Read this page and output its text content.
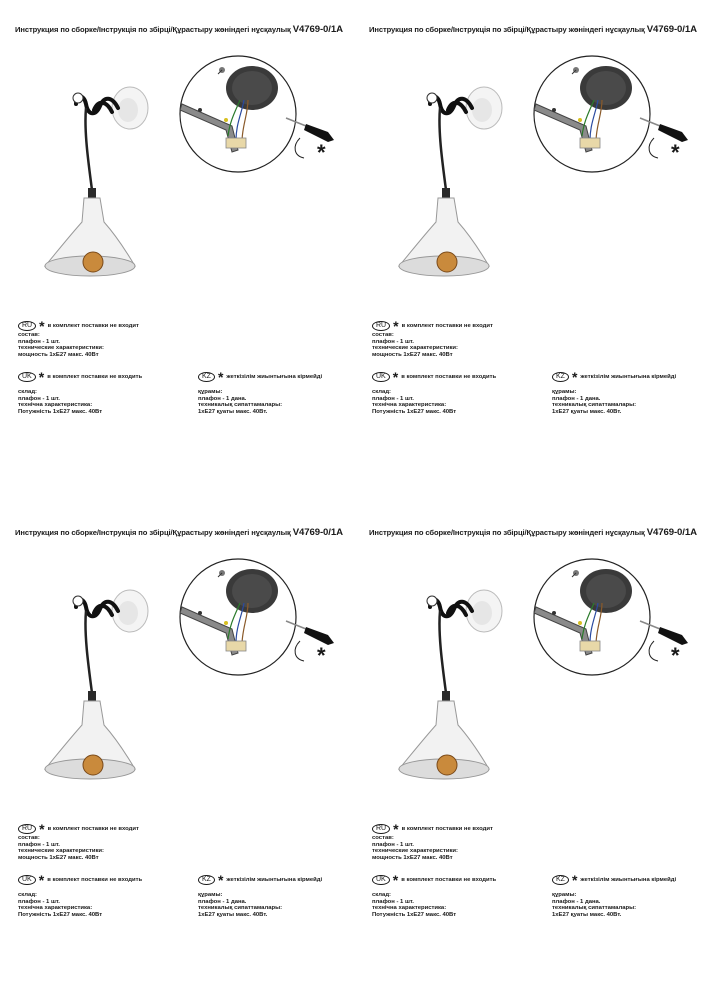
Инструкция по сборке/Інструкція по збірці/Құрастыру жөніндегі нұсқаулық V4769-0/1A
*
RU * в комплект поставки не входит
состав:
плафон - 1 шт.
технические характеристики:
мощность 1хE27 макс. 40Вт
UK * в комплект поставки не входить
склад:
плафон - 1 шт.
технічна характеристика:
Потужність 1хE27 макс. 40Вт
KZ * жеткізілім жиынтығына кірмейді
құрамы:
плафон - 1 дана.
техникалық сипаттамалары:
1хE27 қуаты макс. 40Вт.
Инструкция по сборке/Інструкція по збірці/Құрастыру жөніндегі нұсқаулық V4769-0/1A
*
RU * в комплект поставки не входит
состав:
плафон - 1 шт.
технические характеристики:
мощность 1хE27 макс. 40Вт
UK * в комплект поставки не входить
склад:
плафон - 1 шт.
технічна характеристика:
Потужність 1хE27 макс. 40Вт
KZ * жеткізілім жиынтығына кірмейді
құрамы:
плафон - 1 дана.
техникалық сипаттамалары:
1хE27 қуаты макс. 40Вт.
Инструкция по сборке/Інструкція по збірці/Құрастыру жөніндегі нұсқаулық V4769-0/1A
*
RU * в комплект поставки не входит
состав:
плафон - 1 шт.
технические характеристики:
мощность 1хE27 макс. 40Вт
UK * в комплект поставки не входить
склад:
плафон - 1 шт.
технічна характеристика:
Потужність 1хE27 макс. 40Вт
KZ * жеткізілім жиынтығына кірмейді
құрамы:
плафон - 1 дана.
техникалық сипаттамалары:
1хE27 қуаты макс. 40Вт.
Инструкция по сборке/Інструкція по збірці/Құрастыру жөніндегі нұсқаулық V4769-0/1A
*
RU * в комплект поставки не входит
состав:
плафон - 1 шт.
технические характеристики:
мощность 1хE27 макс. 40Вт
UK * в комплект поставки не входить
склад:
плафон - 1 шт.
технічна характеристика:
Потужність 1хE27 макс. 40Вт
KZ * жеткізілім жиынтығына кірмейді
құрамы:
плафон - 1 дана.
техникалық сипаттамалары:
1хE27 қуаты макс. 40Вт.
